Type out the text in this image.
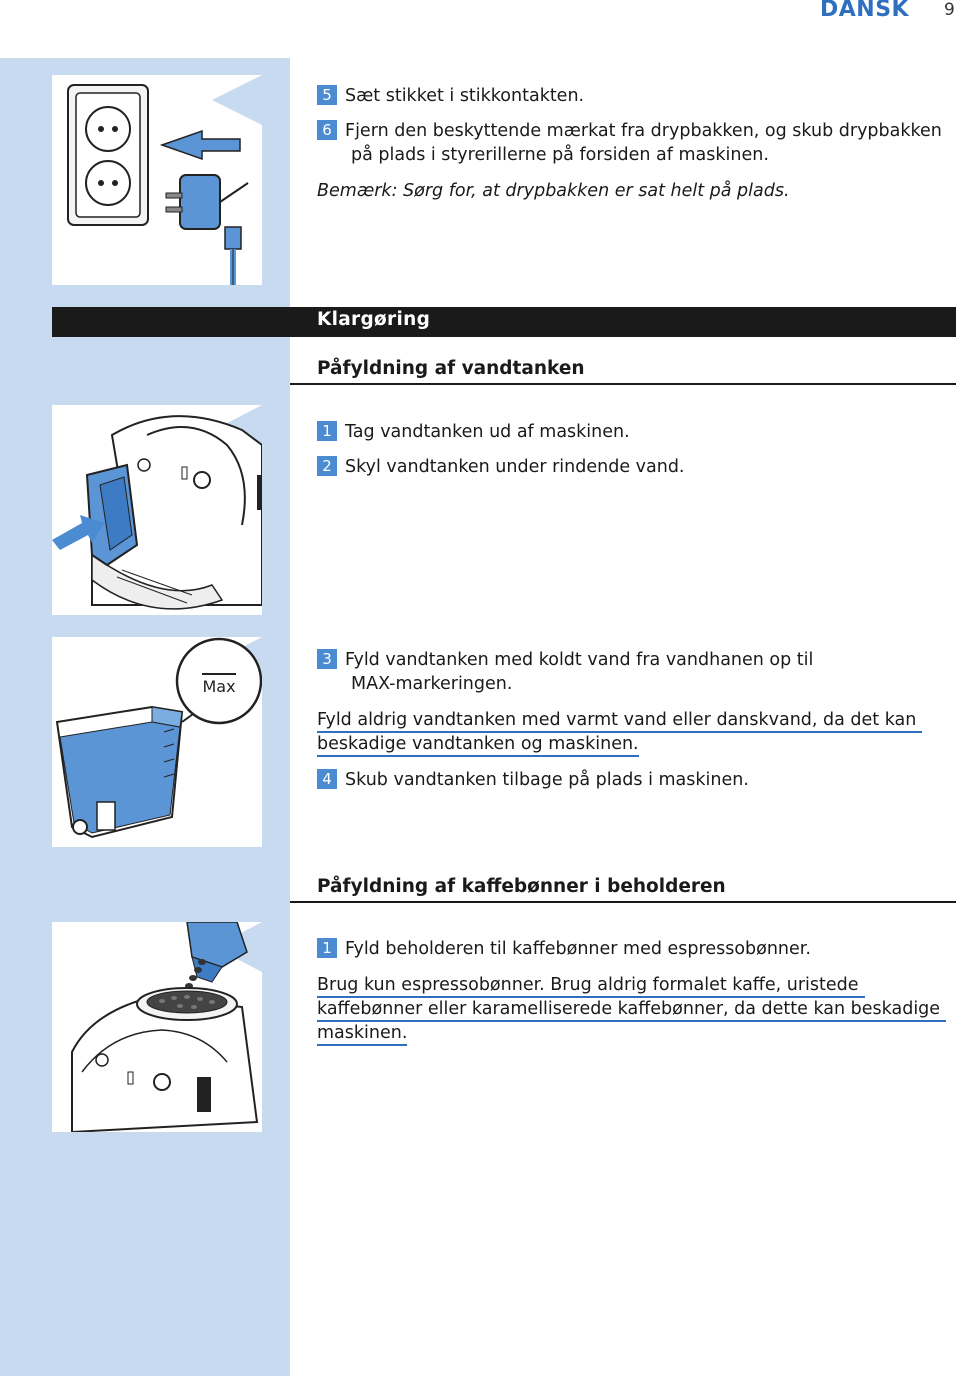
DANSK 9
5 Sæt stikket i stikkontakten.
6 Fjern den beskyttende mærkat fra drypbakken, og skub drypbakken
på plads i styrerillerne på forsiden af maskinen.
Bemærk: Sørg for, at drypbakken er sat helt på plads.
Klargøring
Påfyldning af vandtanken
1 Tag vandtanken ud af maskinen.
2 Skyl vandtanken under rindende vand.
Max
3 Fyld vandtanken med koldt vand fra vandhanen op til
MAX-markeringen.
Fyld aldrig vandtanken med varmt vand eller danskvand, da det kan
beskadige vandtanken og maskinen.
4 Skub vandtanken tilbage på plads i maskinen.
Påfyldning af kaffebønner i beholderen
1 Fyld beholderen til kaffebønner med espressobønner.
Brug kun espressobønner. Brug aldrig formalet kaffe, uristede
kaffebønner eller karamelliserede kaffebønner, da dette kan beskadige
maskinen.
